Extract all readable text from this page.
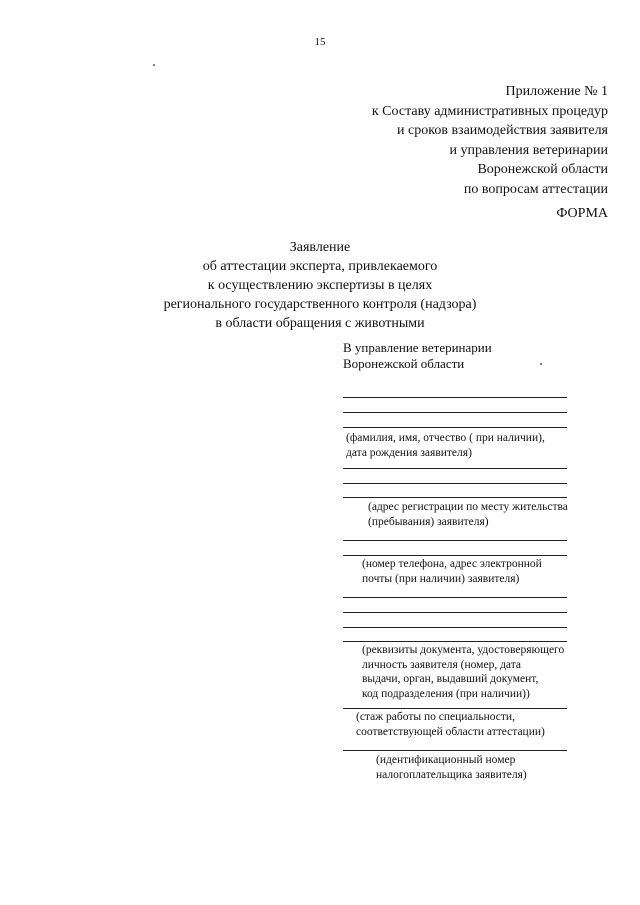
15
Приложение № 1
к Составу административных процедур
и сроков взаимодействия заявителя
и управления ветеринарии
Воронежской области
по вопросам аттестации
ФОРМА
Заявление
об аттестации эксперта, привлекаемого
к осуществлению экспертизы в целях
регионального государственного контроля (надзора)
в области обращения с животными
В управление ветеринарии
Воронежской области
(фамилия, имя, отчество ( при наличии),
дата рождения заявителя)
(адрес регистрации по месту жительства
(пребывания) заявителя)
(номер телефона, адрес электронной
почты (при наличии) заявителя)
(реквизиты документа, удостоверяющего
личность заявителя (номер, дата
выдачи, орган, выдавший документ,
код подразделения (при наличии))
(стаж работы по специальности,
соответствующей области аттестации)
(идентификационный номер
налогоплательщика заявителя)
